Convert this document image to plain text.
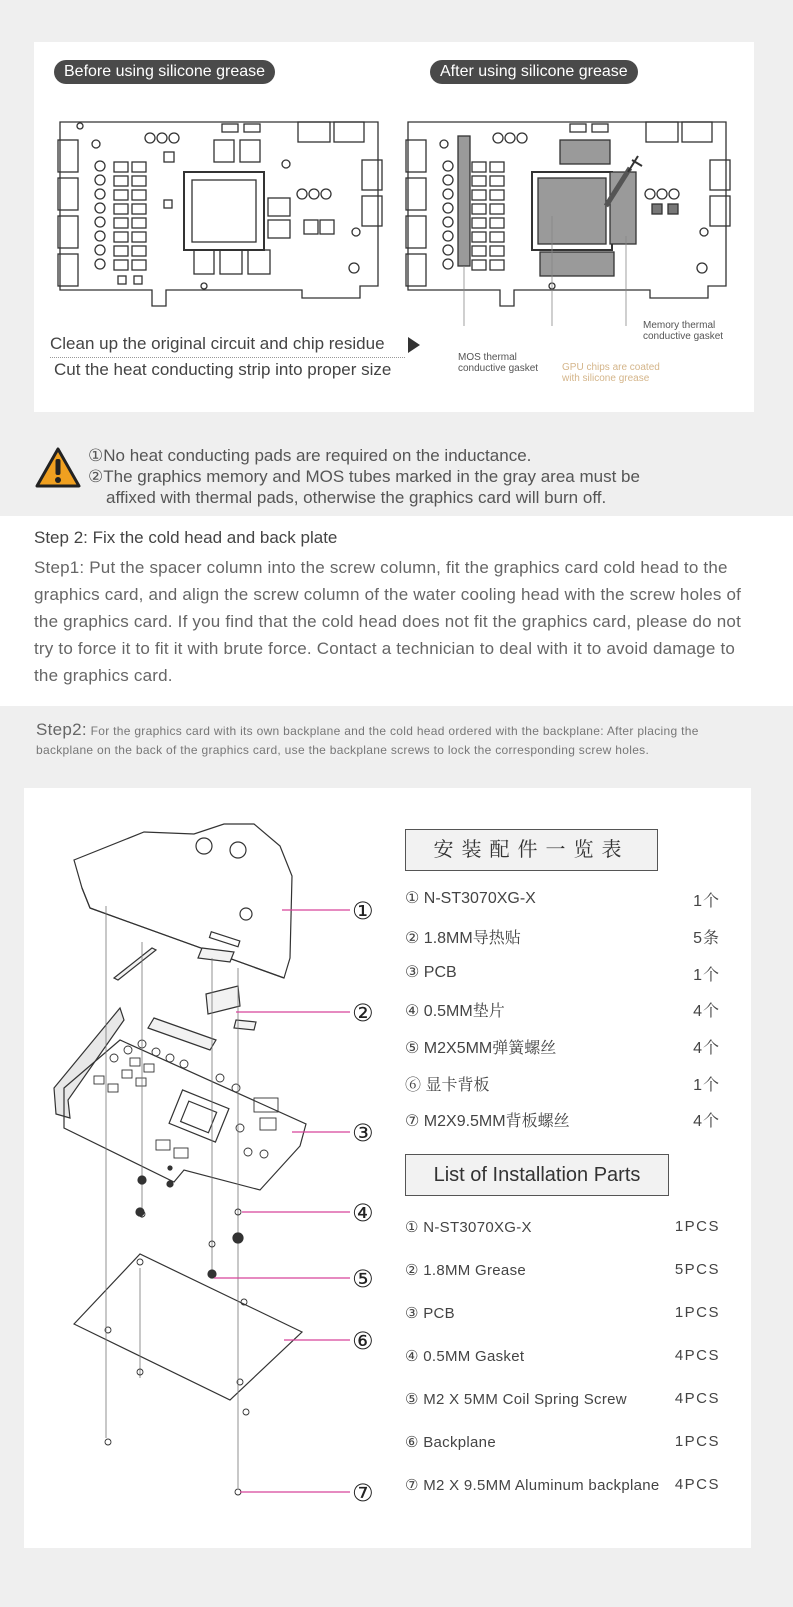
Before using silicone grease	After using silicone grease
Clean up the original circuit and chip residue
Cut the heat conducting strip into proper size
MOS thermal
conductive gasket GPU chips are coated
with silicone grease
Memory thermal
conductive gasket
①No heat conducting pads are required on the inductance.
②The graphics memory and MOS tubes marked in the gray area must be
affixed with thermal pads, otherwise the graphics card will burn off.
Step 2: Fix the cold head and back plate
Step1: Put the spacer column into the screw column, fit the graphics card cold head to the graphics card, and align the screw column of the water cooling head with the screw holes of the graphics card. If you find that the cold head does not fit the graphics card, please do not try to force it to fit it with brute force. Contact a technician to deal with it to avoid damage to the graphics card.
Step2: For the graphics card with its own backplane and the cold head ordered with the backplane: After placing the backplane on the back of the graphics card, use the backplane screws to lock the corresponding screw holes.
①
②
③
④
⑤
⑥
⑦
安装配件一览表
① N-ST3070XG-X	1个
② 1.8MM导热贴	5条
③ PCB	1个
④ 0.5MM垫片	4个
⑤ M2X5MM弹簧螺丝	4个
⑥ 显卡背板	1个
⑦ M2X9.5MM背板螺丝	4个
List of Installation Parts
① N-ST3070XG-X	1PCS
② 1.8MM Grease	5PCS
③ PCB	1PCS
④ 0.5MM Gasket	4PCS
⑤ M2 X 5MM Coil Spring Screw	4PCS
⑥ Backplane	1PCS
⑦ M2 X 9.5MM Aluminum backplane 4PCS
